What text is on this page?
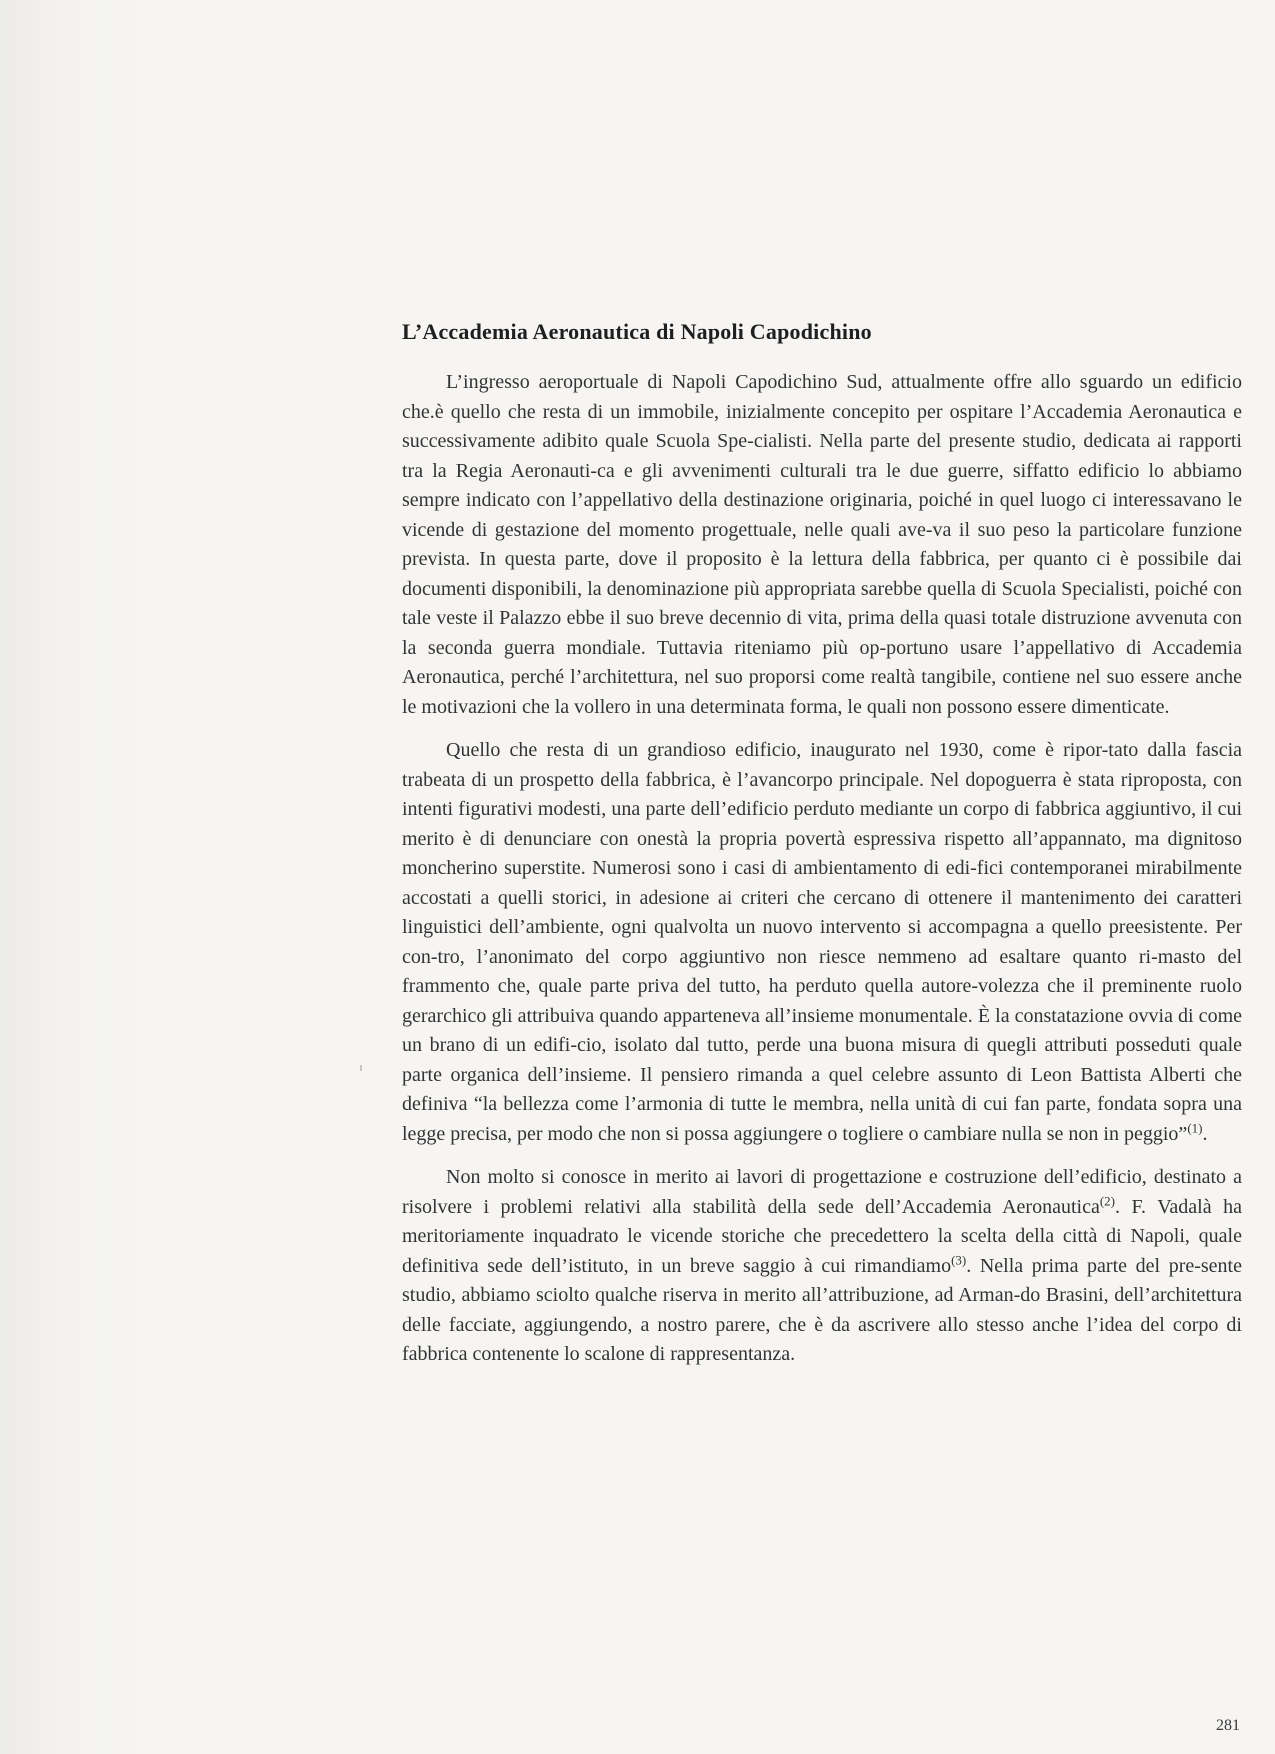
L’Accademia Aeronautica di Napoli Capodichino

L’ingresso aeroportuale di Napoli Capodichino Sud, attualmente offre allo sguardo un edificio che.è quello che resta di un immobile, inizialmente concepito per ospitare l’Accademia Aeronautica e successivamente adibito quale Scuola Spe-cialisti. Nella parte del presente studio, dedicata ai rapporti tra la Regia Aeronauti-ca e gli avvenimenti culturali tra le due guerre, siffatto edificio lo abbiamo sempre indicato con l’appellativo della destinazione originaria, poiché in quel luogo ci interessavano le vicende di gestazione del momento progettuale, nelle quali ave-va il suo peso la particolare funzione prevista. In questa parte, dove il proposito è la lettura della fabbrica, per quanto ci è possibile dai documenti disponibili, la denominazione più appropriata sarebbe quella di Scuola Specialisti, poiché con tale veste il Palazzo ebbe il suo breve decennio di vita, prima della quasi totale distruzione avvenuta con la seconda guerra mondiale. Tuttavia riteniamo più op-portuno usare l’appellativo di Accademia Aeronautica, perché l’architettura, nel suo proporsi come realtà tangibile, contiene nel suo essere anche le motivazioni che la vollero in una determinata forma, le quali non possono essere dimenticate.

Quello che resta di un grandioso edificio, inaugurato nel 1930, come è ripor-tato dalla fascia trabeata di un prospetto della fabbrica, è l’avancorpo principale. Nel dopoguerra è stata riproposta, con intenti figurativi modesti, una parte dell’edificio perduto mediante un corpo di fabbrica aggiuntivo, il cui merito è di denunciare con onestà la propria povertà espressiva rispetto all’appannato, ma dignitoso moncherino superstite. Numerosi sono i casi di ambientamento di edi-fici contemporanei mirabilmente accostati a quelli storici, in adesione ai criteri che cercano di ottenere il mantenimento dei caratteri linguistici dell’ambiente, ogni qualvolta un nuovo intervento si accompagna a quello preesistente. Per con-tro, l’anonimato del corpo aggiuntivo non riesce nemmeno ad esaltare quanto ri-masto del frammento che, quale parte priva del tutto, ha perduto quella autore-volezza che il preminente ruolo gerarchico gli attribuiva quando apparteneva all’insieme monumentale. È la constatazione ovvia di come un brano di un edifi-cio, isolato dal tutto, perde una buona misura di quegli attributi posseduti quale parte organica dell’insieme. Il pensiero rimanda a quel celebre assunto di Leon Battista Alberti che definiva “la bellezza come l’armonia di tutte le membra, nella unità di cui fan parte, fondata sopra una legge precisa, per modo che non si possa aggiungere o togliere o cambiare nulla se non in peggio”$^{(1)}$.

Non molto si conosce in merito ai lavori di progettazione e costruzione dell’edificio, destinato a risolvere i problemi relativi alla stabilità della sede dell’Accademia Aeronautica$^{(2)}$. F. Vadalà ha meritoriamente inquadrato le vicende storiche che precedettero la scelta della città di Napoli, quale definitiva sede dell’istituto, in un breve saggio à cui rimandiamo$^{(3)}$. Nella prima parte del pre-sente studio, abbiamo sciolto qualche riserva in merito all’attribuzione, ad Arman-do Brasini, dell’architettura delle facciate, aggiungendo, a nostro parere, che è da ascrivere allo stesso anche l’idea del corpo di fabbrica contenente lo scalone di rappresentanza.

281
